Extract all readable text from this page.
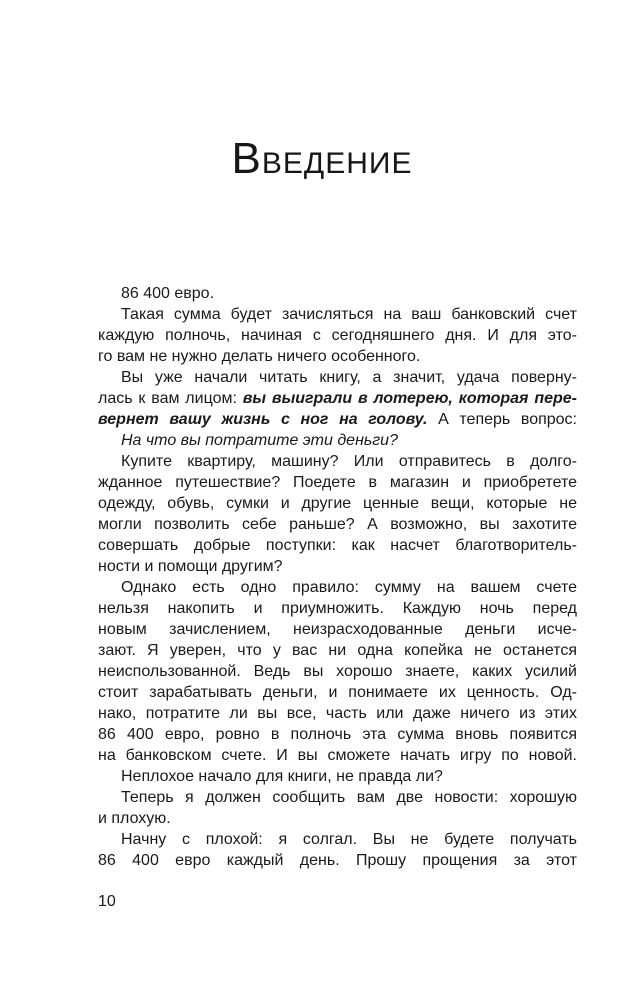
ВВЕДЕНИЕ
86 400 евро.
Такая сумма будет зачисляться на ваш банковский счет
каждую полночь, начиная с сегодняшнего дня. И для это-
го вам не нужно делать ничего особенного.
Вы уже начали читать книгу, а значит, удача поверну-
лась к вам лицом: вы выиграли в лотерею, которая пере-
вернет вашу жизнь с ног на голову. А теперь вопрос:
На что вы потратите эти деньги?
Купите квартиру, машину? Или отправитесь в долго-
жданное путешествие? Поедете в магазин и приобретете
одежду, обувь, сумки и другие ценные вещи, которые не
могли позволить себе раньше? А возможно, вы захотите
совершать добрые поступки: как насчет благотворитель-
ности и помощи другим?
Однако есть одно правило: сумму на вашем счете
нельзя накопить и приумножить. Каждую ночь перед
новым зачислением, неизрасходованные деньги исче-
зают. Я уверен, что у вас ни одна копейка не останется
неиспользованной. Ведь вы хорошо знаете, каких усилий
стоит зарабатывать деньги, и понимаете их ценность. Од-
нако, потратите ли вы все, часть или даже ничего из этих
86 400 евро, ровно в полночь эта сумма вновь появится
на банковском счете. И вы сможете начать игру по новой.
Неплохое начало для книги, не правда ли?
Теперь я должен сообщить вам две новости: хорошую
и плохую.
Начну с плохой: я солгал. Вы не будете получать
86 400 евро каждый день. Прошу прощения за этот
10
